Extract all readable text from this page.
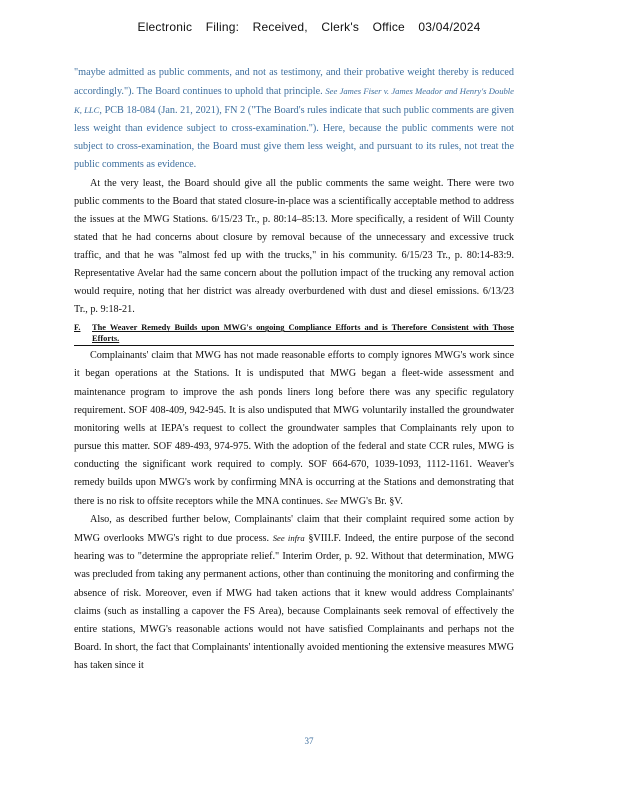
Electronic Filing: Received, Clerk's Office 03/04/2024

"maybe admitted as public comments, and not as testimony, and their probative weight thereby is reduced accordingly."). The Board continues to uphold that principle. See James Fiser v. James Meador and Henry's Double K, LLC, PCB 18-084 (Jan. 21, 2021), FN 2 ("The Board's rules indicate that such public comments are given less weight than evidence subject to cross-examination."). Here, because the public comments were not subject to cross-examination, the Board must give them less weight, and pursuant to its rules, not treat the public comments as evidence.

At the very least, the Board should give all the public comments the same weight. There were two public comments to the Board that stated closure-in-place was a scientifically acceptable method to address the issues at the MWG Stations. 6/15/23 Tr., p. 80:14–85:13. More specifically, a resident of Will County stated that he had concerns about closure by removal because of the unnecessary and excessive truck traffic, and that he was "almost fed up with the trucks," in his community. 6/15/23 Tr., p. 80:14-83:9. Representative Avelar had the same concern about the pollution impact of the trucking any removal action would require, noting that her district was already overburdened with dust and diesel emissions. 6/13/23 Tr., p. 9:18-21.

F.	The Weaver Remedy Builds upon MWG's ongoing Compliance Efforts and is Therefore Consistent with Those Efforts.

Complainants' claim that MWG has not made reasonable efforts to comply ignores MWG's work since it began operations at the Stations. It is undisputed that MWG began a fleet-wide assessment and maintenance program to improve the ash ponds liners long before there was any specific regulatory requirement. SOF 408-409, 942-945. It is also undisputed that MWG voluntarily installed the groundwater monitoring wells at IEPA's request to collect the groundwater samples that Complainants rely upon to pursue this matter. SOF 489-493, 974-975. With the adoption of the federal and state CCR rules, MWG is conducting the significant work required to comply. SOF 664-670, 1039-1093, 1112-1161. Weaver's remedy builds upon MWG's work by confirming MNA is occurring at the Stations and demonstrating that there is no risk to offsite receptors while the MNA continues. See MWG's Br. §V.

Also, as described further below, Complainants' claim that their complaint required some action by MWG overlooks MWG's right to due process. See infra §VIII.F. Indeed, the entire purpose of the second hearing was to "determine the appropriate relief." Interim Order, p. 92. Without that determination, MWG was precluded from taking any permanent actions, other than continuing the monitoring and confirming the absence of risk. Moreover, even if MWG had taken actions that it knew would address Complainants' claims (such as installing a capover the FS Area), because Complainants seek removal of effectively the entire stations, MWG's reasonable actions would not have satisfied Complainants and perhaps not the Board. In short, the fact that Complainants' intentionally avoided mentioning the extensive measures MWG has taken since it

37
